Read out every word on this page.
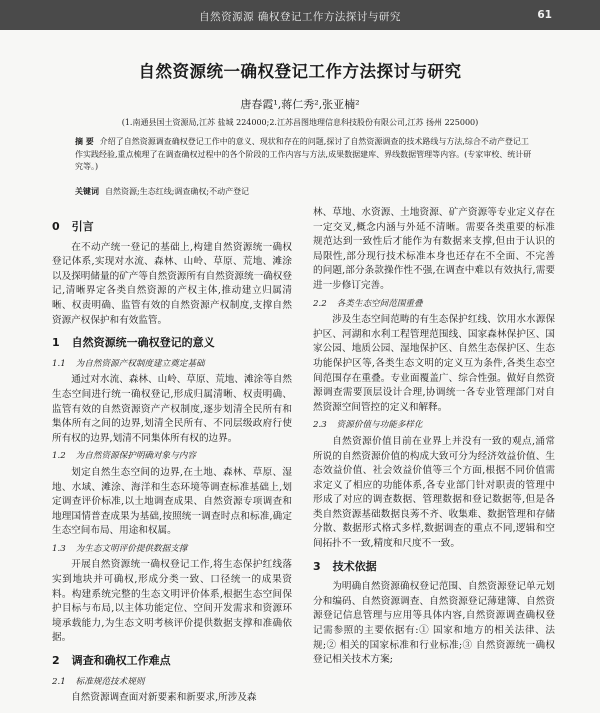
自然资源源 确权登记工作方法探讨与研究	61
自然资源统一确权登记工作方法探讨与研究
唐春霞¹,蒋仁秀²,张亚楠²
(1.南通县国土资源局,江苏 盐城 224000;2.江苏昌图地理信息科技股份有限公司,江苏 扬州 225000)
摘 要 介绍了自然资源调查确权登记工作中的意义、现状和存在的问题,探讨了自然资源调查的技术路线与方法,综合不动产登记工作实践经验,重点梳理了在调查确权过程中的各个阶段的工作内容与方法,成果数据建库、界线数据管理等内容。(专家审校、统计研究等。)
关键词 自然资源;生态红线;调查确权;不动产登记
0 引言

在不动产统一登记的基础上,构建自然资源统一确权登记体系,实现对水流、森林、山岭、草原、荒地、滩涂以及探明储量的矿产等自然资源所有自然资源统一确权登记,清晰界定各类自然资源的产权主体,推动建立归属清晰、权责明确、监管有效的自然资源产权制度,支撑自然资源产权保护和有效监管。

1 自然资源统一确权登记的意义
1.1 为自然资源产权制度建立奠定基础

通过对水流、森林、山岭、草原、荒地、滩涂等自然生态空间进行统一确权登记,形成归属清晰、权责明确、监管有效的自然资源资产产权制度,逐步划清全民所有和集体所有之间的边界,划清全民所有、不同层级政府行使所有权的边界,划清不同集体所有权的边界。

1.2 为自然资源保护明确对象与内容

划定自然生态空间的边界,在土地、森林、草原、湿地、水域、滩涂、海洋和生态环境等调查标准基础上,划定调查评价标准,以土地调查成果、自然资源专项调查和地理国情普查成果为基础,按照统一调查时点和标准,确定生态空间布局、用途和权属。

1.3 为生态文明评价提供数据支撑

开展自然资源统一确权登记工作,将生态保护红线落实到地块并可确权,形成分类一致、口径统一的成果资料。构建系统完整的生态文明评价体系,根据生态空间保护目标与布局,以主体功能定位、空间开发需求和资源环境承载能力,为生态文明考核评价提供数据支撑和准确依据。

2 调查和确权工作难点
2.1 标准规范技术规则

自然资源调查面对新要素和新要求,所涉及森

林、草地、水资源、土地资源、矿产资源等专业定义存在一定交叉,概念内涵与外延不清晰。需要各类重要的标准规范达到一致性后才能作为有数据来支撑,但由于认识的局限性,部分现行技术标准本身也还存在不全面、不完善的问题,部分条款操作性不强,在调查中难以有效执行,需要进一步修订完善。

2.2 各类生态空间范围重叠

涉及生态空间范畴的有生态保护红线、饮用水水源保护区、河湖和水利工程管理范围线、国家森林保护区、国家公园、地质公园、湿地保护区、自然生态保护区、生态功能保护区等,各类生态文明的定义互为条件,各类生态空间范围存在重叠。专业面覆盖广、综合性强。做好自然资源调查需要顶层设计合理,协调统一各专业管理部门对自然资源空间管控的定义和解释。

2.3 资源价值与功能多样化

自然资源价值目前在业界上并没有一致的观点,涌常所说的自然资源价值的构成大致可分为经济效益价值、生态效益价值、社会效益价值等三个方面,根据不同价值需求定义了相应的功能体系,各专业部门针对职责的管理中形成了对应的调查数据、管理数据和登记数据等,但是各类自然资源基础数据良莠不齐、收集难、数据管理和存储分散、数据形式格式多样,数据调查的重点不同,逻辑和空间拓扑不一致,精度和尺度不一致。

3 技术依据

为明确自然资源确权登记范围、自然资源登记单元划分和编码、自然资源调查、自然资源登记薄建簿、自然资源登记信息管理与应用等具体内容,自然资源调查确权登记需参照的主要依据有:① 国家和地方的相关法律、法规;② 相关的国家标准和行业标准;③ 自然资源统一确权登记相关技术方案;
